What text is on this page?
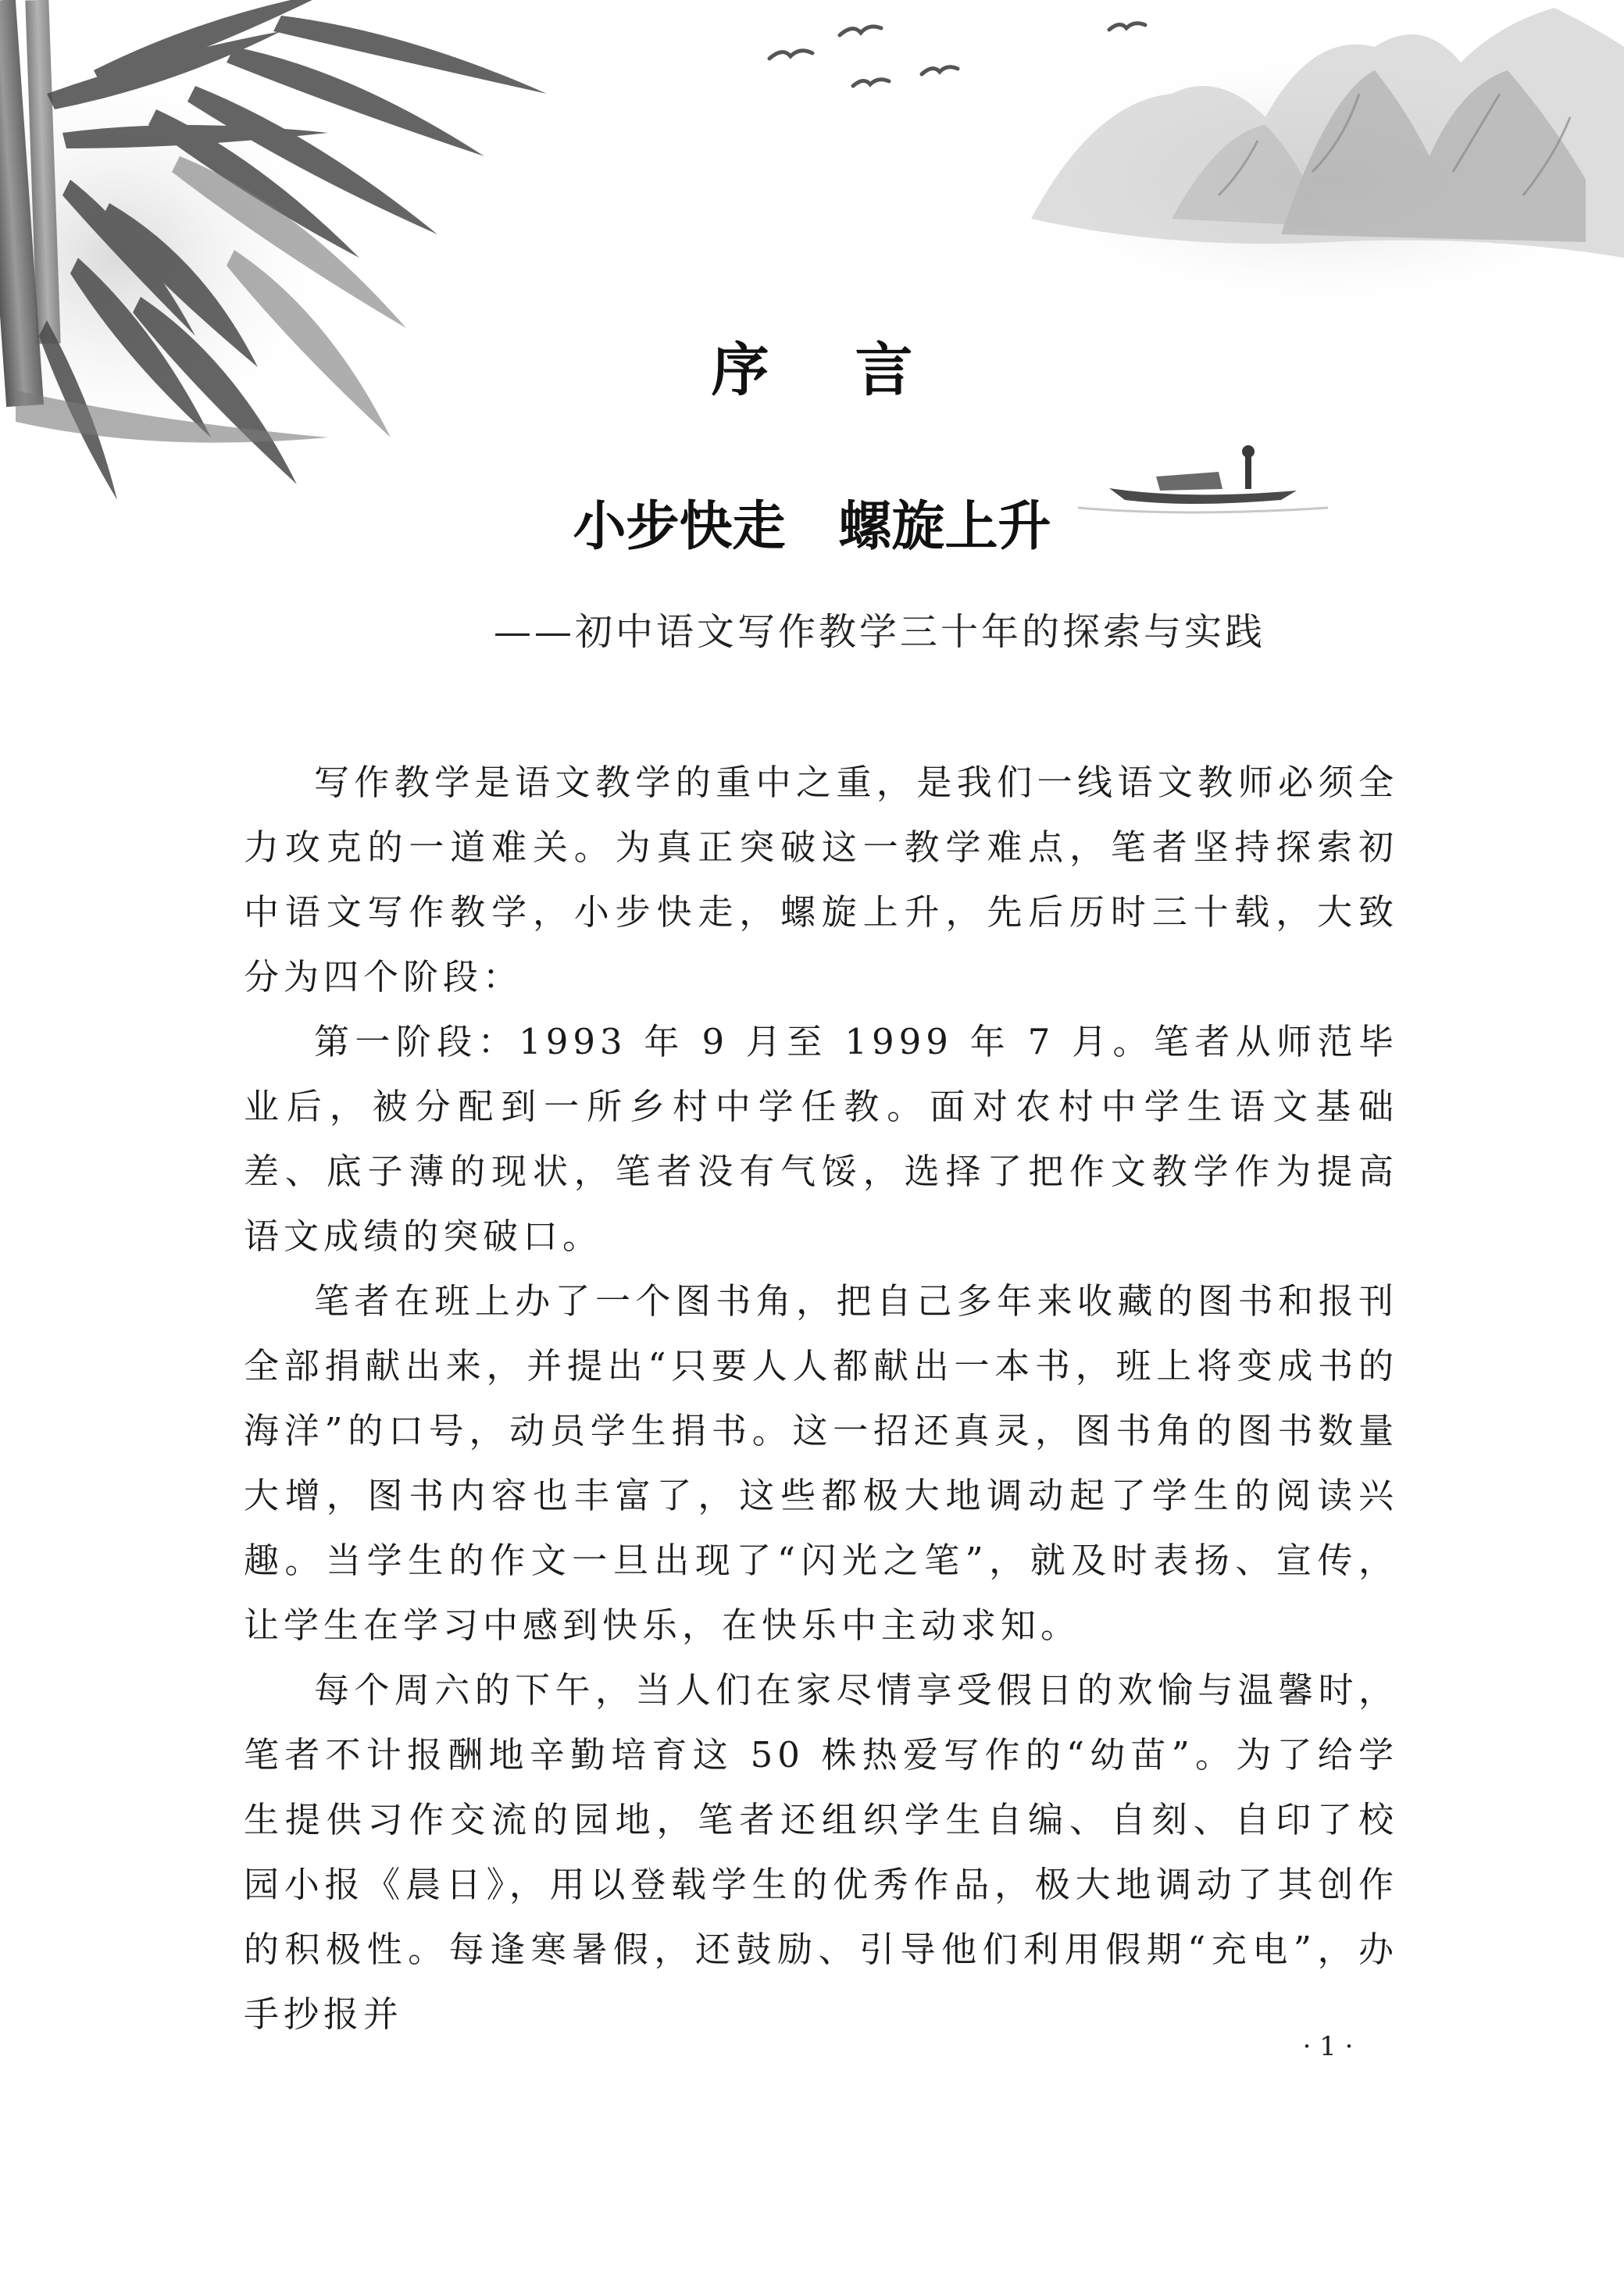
序言
小步快走　螺旋上升
——初中语文写作教学三十年的探索与实践

写作教学是语文教学的重中之重，是我们一线语文教师必须全力攻克的一道难关。为真正突破这一教学难点，笔者坚持探索初中语文写作教学，小步快走，螺旋上升，先后历时三十载，大致分为四个阶段：

第一阶段：1993 年 9 月至 1999 年 7 月。笔者从师范毕业后，被分配到一所乡村中学任教。面对农村中学生语文基础差、底子薄的现状，笔者没有气馁，选择了把作文教学作为提高语文成绩的突破口。

笔者在班上办了一个图书角，把自己多年来收藏的图书和报刊全部捐献出来，并提出“只要人人都献出一本书，班上将变成书的海洋”的口号，动员学生捐书。这一招还真灵，图书角的图书数量大增，图书内容也丰富了，这些都极大地调动起了学生的阅读兴趣。当学生的作文一旦出现了“闪光之笔”，就及时表扬、宣传，让学生在学习中感到快乐，在快乐中主动求知。

每个周六的下午，当人们在家尽情享受假日的欢愉与温馨时，笔者不计报酬地辛勤培育这 50 株热爱写作的“幼苗”。为了给学生提供习作交流的园地，笔者还组织学生自编、自刻、自印了校园小报《晨日》，用以登载学生的优秀作品，极大地调动了其创作的积极性。每逢寒暑假，还鼓励、引导他们利用假期“充电”，办手抄报并

· 1 ·
